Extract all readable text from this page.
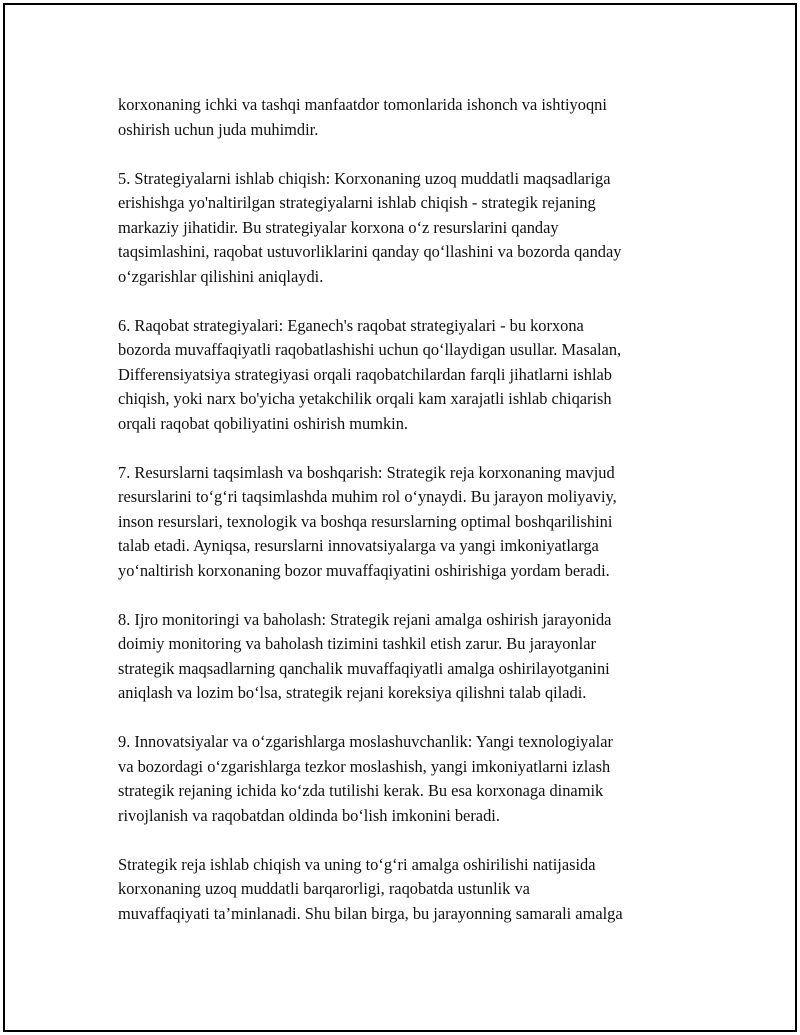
korxonaning ichki va tashqi manfaatdor tomonlarida ishonch va ishtiyoqni
oshirish uchun juda muhimdir.

5. Strategiyalarni ishlab chiqish: Korxonaning uzoq muddatli maqsadlariga
erishishga yo'naltirilgan strategiyalarni ishlab chiqish - strategik rejaning
markaziy jihatidir. Bu strategiyalar korxona o‘z resurslarini qanday
taqsimlashini, raqobat ustuvorliklarini qanday qo‘llashini va bozorda qanday
o‘zgarishlar qilishini aniqlaydi.

6. Raqobat strategiyalari: Eganech's raqobat strategiyalari - bu korxona
bozorda muvaffaqiyatli raqobatlashishi uchun qo‘llaydigan usullar. Masalan,
Differensiyatsiya strategiyasi orqali raqobatchilardan farqli jihatlarni ishlab
chiqish, yoki narx bo'yicha yetakchilik orqali kam xarajatli ishlab chiqarish
orqali raqobat qobiliyatini oshirish mumkin.

7. Resurslarni taqsimlash va boshqarish: Strategik reja korxonaning mavjud
resurslarini to‘g‘ri taqsimlashda muhim rol o‘ynaydi. Bu jarayon moliyaviy,
inson resurslari, texnologik va boshqa resurslarning optimal boshqarilishini
talab etadi. Ayniqsa, resurslarni innovatsiyalarga va yangi imkoniyatlarga
yo‘naltirish korxonaning bozor muvaffaqiyatini oshirishiga yordam beradi.

8. Ijro monitoringi va baholash: Strategik rejani amalga oshirish jarayonida
doimiy monitoring va baholash tizimini tashkil etish zarur. Bu jarayonlar
strategik maqsadlarning qanchalik muvaffaqiyatli amalga oshirilayotganini
aniqlash va lozim bo‘lsa, strategik rejani koreksiya qilishni talab qiladi.

9. Innovatsiyalar va o‘zgarishlarga moslashuvchanlik: Yangi texnologiyalar
va bozordagi o‘zgarishlarga tezkor moslashish, yangi imkoniyatlarni izlash
strategik rejaning ichida ko‘zda tutilishi kerak. Bu esa korxonaga dinamik
rivojlanish va raqobatdan oldinda bo‘lish imkonini beradi.

Strategik reja ishlab chiqish va uning to‘g‘ri amalga oshirilishi natijasida
korxonaning uzoq muddatli barqarorligi, raqobatda ustunlik va
muvaffaqiyati ta’minlanadi. Shu bilan birga, bu jarayonning samarali amalga
